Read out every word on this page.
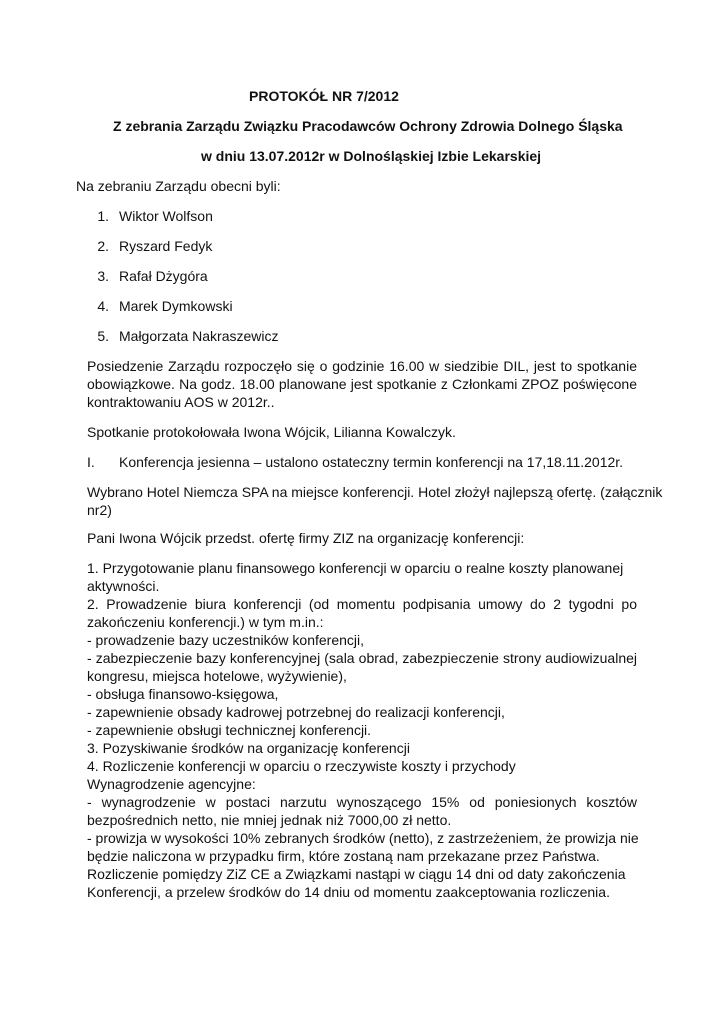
PROTOKÓŁ NR 7/2012
Z zebrania Zarządu Związku Pracodawców Ochrony Zdrowia Dolnego Śląska
w dniu 13.07.2012r w Dolnośląskiej Izbie Lekarskiej
Na zebraniu Zarządu obecni byli:
1. Wiktor Wolfson
2. Ryszard Fedyk
3. Rafał Dżygóra
4. Marek Dymkowski
5. Małgorzata Nakraszewicz
Posiedzenie Zarządu rozpoczęło się o godzinie 16.00 w siedzibie DIL, jest to spotkanie
obowiązkowe. Na godz. 18.00 planowane jest spotkanie z Członkami ZPOZ poświęcone
kontraktowaniu AOS w 2012r..
Spotkanie protokołowała Iwona Wójcik, Lilianna Kowalczyk.
I. Konferencja jesienna – ustalono ostateczny termin konferencji na 17,18.11.2012r.
Wybrano Hotel Niemcza SPA na miejsce konferencji. Hotel złożył najlepszą ofertę. (załącznik
nr2)
Pani Iwona Wójcik przedst. ofertę firmy ZIZ na organizację konferencji:
1. Przygotowanie planu finansowego konferencji w oparciu o realne koszty planowanej
aktywności.
2. Prowadzenie biura konferencji (od momentu podpisania umowy do 2 tygodni po
zakończeniu konferencji.) w tym m.in.:
- prowadzenie bazy uczestników konferencji,
- zabezpieczenie bazy konferencyjnej (sala obrad, zabezpieczenie strony audiowizualnej
kongresu, miejsca hotelowe, wyżywienie),
- obsługa finansowo-księgowa,
- zapewnienie obsady kadrowej potrzebnej do realizacji konferencji,
- zapewnienie obsługi technicznej konferencji.
3. Pozyskiwanie środków na organizację konferencji
4. Rozliczenie konferencji w oparciu o rzeczywiste koszty i przychody
Wynagrodzenie agencyjne:
- wynagrodzenie w postaci narzutu wynoszącego 15% od poniesionych kosztów
bezpośrednich netto, nie mniej jednak niż 7000,00 zł netto.
- prowizja w wysokości 10% zebranych środków (netto), z zastrzeżeniem, że prowizja nie
będzie naliczona w przypadku firm, które zostaną nam przekazane przez Państwa.
Rozliczenie pomiędzy ZiZ CE a Związkami nastąpi w ciągu 14 dni od daty zakończenia
Konferencji, a przelew środków do 14 dniu od momentu zaakceptowania rozliczenia.
